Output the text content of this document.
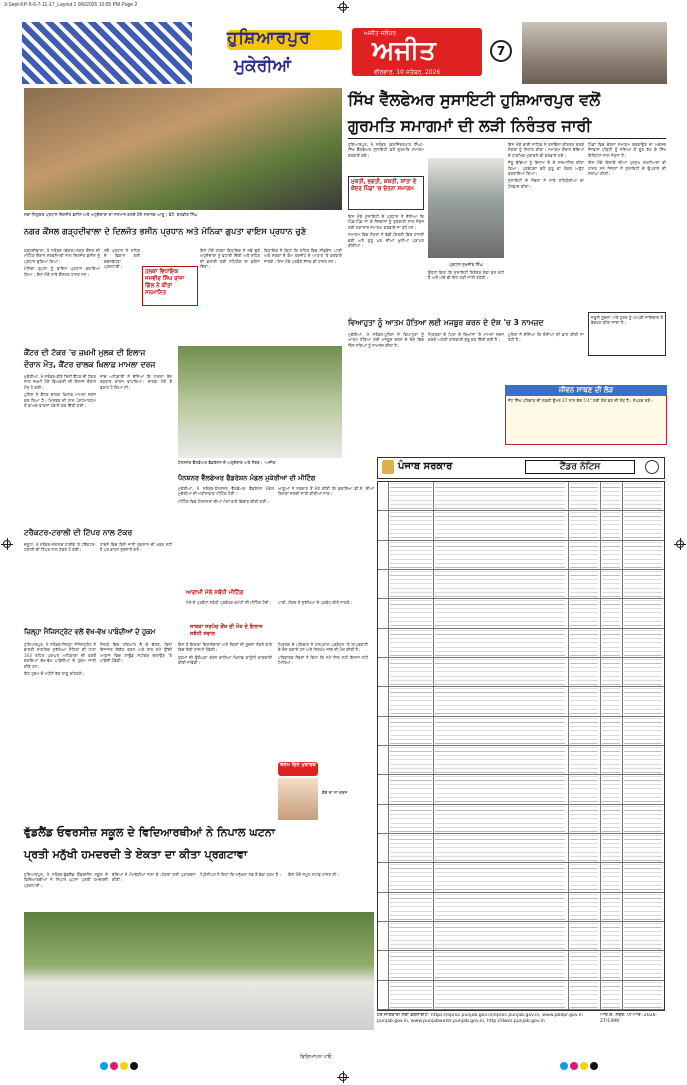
3-Sept-KP-5-6-7-11-17_Layout 1 9/6/2026 10:05 PM Page 2
ਹੁਸ਼ਿਆਰਪੁਰ
ਮੁਕੇਰੀਆਂ
ਅਜੀਤ ਜਲੰਧਰ
ਅਜੀਤ
ਵੀਰਵਾਰ, 10 ਸਤੰਬਰ, 2026
7
ਨਵਾਂ-ਨਿਯੁਕਤ ਪ੍ਰਧਾਨ ਦਿਲਜੋਤ ਭਸੀਨ ਅਤੇ ਅਹੁਦੇਦਾਰਾਂ ਦਾ ਸਨਮਾਨ ਕਰਦੇ ਹੋਏ ਸਥਾਨਕ ਆਗੂ। ਫੋਟੋ: ਬਲਵੀਰ ਸਿੰਘ
ਸਿੱਖ ਵੈੱਲਫੇਅਰ ਸੁਸਾਇਟੀ ਹੁਸ਼ਿਆਰਪੁਰ ਵਲੋਂ
ਗੁਰਮਤਿ ਸਮਾਗਮਾਂ ਦੀ ਲੜੀ ਨਿਰੰਤਰ ਜਾਰੀ

ਹੁਸ਼ਿਆਰਪੁਰ, 9 ਸਤੰਬਰ (ਬਲਜਿੰਦਰਪਾਲ ਸਿੰਘ)-ਸਿੱਖ ਵੈੱਲਫੇਅਰ ਸੁਸਾਇਟੀ ਵਲੋਂ ਗੁਰਮਤਿ ਸਮਾਗਮ ਕਰਵਾਏ ਗਏ।

ਮੁਕਤੀ, ਭਗਤੀ, ਸ਼ਕਤੀ, ਸ਼ਾਂਤਾ ਦੇ ਕੇਂਦਰ ਪਿੰਡਾਂ 'ਚ ਚੇਤਨਾ ਸਮਾਗਮ

ਇਸ ਮੌਕੇ ਸੁਸਾਇਟੀ ਦੇ ਪ੍ਰਧਾਨ ਨੇ ਦੱਸਿਆ ਕਿ ਪਿੰਡ-ਪਿੰਡ ਜਾ ਕੇ ਨੌਜਵਾਨਾਂ ਨੂੰ ਗੁਰਬਾਣੀ ਨਾਲ ਜੋੜਨ ਲਈ ਲਗਾਤਾਰ ਸਮਾਗਮ ਕਰਵਾਏ ਜਾ ਰਹੇ ਹਨ।

ਸਮਾਗਮ ਵਿਚ ਸੰਗਤਾਂ ਨੇ ਵੱਡੀ ਗਿਣਤੀ ਵਿਚ ਹਾਜ਼ਰੀ ਭਰੀ ਅਤੇ ਗੁਰੂ ਘਰ ਦੀਆਂ ਖੁਸ਼ੀਆਂ ਪ੍ਰਾਪਤ ਕੀਤੀਆਂ।

ਪ੍ਰਧਾਨ ਸੁਖਜੀਤ ਸਿੰਘ

ਉਨ੍ਹਾਂ ਕਿਹਾ ਕਿ ਸੁਸਾਇਟੀ ਨਿਰੰਤਰ ਸੇਵਾ ਕਰ ਰਹੀ ਹੈ ਅਤੇ ਅੱਗੇ ਵੀ ਇਹ ਲੜੀ ਜਾਰੀ ਰਹੇਗੀ।

ਇਸ ਮੌਕੇ ਭਾਈ ਸਾਹਿਬ ਨੇ ਰਸਭਿੰਨਾ ਕੀਰਤਨ ਕਰਕੇ ਸੰਗਤਾਂ ਨੂੰ ਨਿਹਾਲ ਕੀਤਾ। ਸਮਾਗਮ ਦੌਰਾਨ ਬੱਚਿਆਂ ਦੇ ਧਾਰਮਿਕ ਮੁਕਾਬਲੇ ਵੀ ਕਰਵਾਏ ਗਏ।

ਜੇਤੂ ਬੱਚਿਆਂ ਨੂੰ ਇਨਾਮ ਦੇ ਕੇ ਸਨਮਾਨਿਤ ਕੀਤਾ ਗਿਆ। ਪ੍ਰਬੰਧਕਾਂ ਵਲੋਂ ਗੁਰੂ ਕਾ ਲੰਗਰ ਅਤੁੱਟ ਵਰਤਾਇਆ ਗਿਆ।

ਸੁਸਾਇਟੀ ਦੇ ਮੈਂਬਰਾਂ ਨੇ ਸਾਰੇ ਸਹਿਯੋਗੀਆਂ ਦਾ ਧੰਨਵਾਦ ਕੀਤਾ।

ਪਿੰਡਾਂ ਵਿਚ ਚੇਤਨਾ ਸਮਾਗਮ ਕਰਵਾਉਣ ਦਾ ਮਕਸਦ ਨੌਜਵਾਨ ਪੀੜ੍ਹੀ ਨੂੰ ਨਸ਼ਿਆਂ ਤੋਂ ਦੂਰ ਰੱਖ ਕੇ ਸਿੱਖ ਇਤਿਹਾਸ ਨਾਲ ਜੋੜਨਾ ਹੈ।

ਇਸ ਮੌਕੇ ਇਲਾਕੇ ਦੀਆਂ ਪ੍ਰਮੁੱਖ ਸ਼ਖ਼ਸੀਅਤਾਂ ਵੀ ਹਾਜ਼ਰ ਸਨ ਜਿਨ੍ਹਾਂ ਨੇ ਸੁਸਾਇਟੀ ਦੇ ਉਪਰਾਲੇ ਦੀ ਸ਼ਲਾਘਾ ਕੀਤੀ।

ਜ਼ਰੂਰੀ ਸੂਚਨਾ: ਮੇਰੇ ਪੁੱਤਰ ਨੂੰ ਆਪਣੀ ਜਾਇਦਾਦ ਤੋਂ ਬੇਦਖ਼ਲ ਕੀਤਾ ਜਾਂਦਾ ਹੈ।
ਨਗਰ ਕੌਂਸਲ ਗੜ੍ਹਦੀਵਾਲਾ ਦੇ ਦਿਲਜੋਤ ਭਸੀਨ ਪ੍ਰਧਾਨ ਅਤੇ ਮੋਨਿਕਾ ਗੁਪਤਾ ਵਾਇਸ ਪ੍ਰਧਾਨ ਚੁਣੇ

ਗੜ੍ਹਦੀਵਾਲਾ, 9 ਸਤੰਬਰ (ਚੱਗਰ)-ਨਗਰ ਕੌਂਸਲ ਦੀ ਮੀਟਿੰਗ ਦੌਰਾਨ ਸਰਬਸੰਮਤੀ ਨਾਲ ਦਿਲਜੋਤ ਭਸੀਨ ਨੂੰ ਪ੍ਰਧਾਨ ਚੁਣਿਆ ਗਿਆ।

ਮੋਨਿਕਾ ਗੁਪਤਾ ਨੂੰ ਵਾਇਸ ਪ੍ਰਧਾਨ ਬਣਾਇਆ ਗਿਆ। ਇਸ ਮੌਕੇ ਸਾਰੇ ਕੌਂਸਲਰ ਹਾਜ਼ਰ ਸਨ।

ਨਵੇਂ ਪ੍ਰਧਾਨ ਨੇ ਸ਼ਹਿਰ ਦੇ ਵਿਕਾਸ ਲਈ ਵਚਨਬੱਧਤਾ ਪ੍ਰਗਟਾਈ।

ਹਲਕਾ ਵਿਧਾਇਕ ਜਸਵੀਰ ਸਿੰਘ ਰਾਜਾ ਗਿੱਲ ਨੇ ਕੀਤਾ ਸਨਮਾਨਿਤ

ਇਸ ਮੌਕੇ ਹਲਕਾ ਵਿਧਾਇਕ ਨੇ ਨਵੇਂ ਚੁਣੇ ਅਹੁਦੇਦਾਰਾਂ ਨੂੰ ਵਧਾਈ ਦਿੱਤੀ ਅਤੇ ਸ਼ਹਿਰ ਦੀ ਭਲਾਈ ਲਈ ਸਹਿਯੋਗ ਦਾ ਭਰੋਸਾ ਦਿੱਤਾ।

ਵਿਧਾਇਕ ਨੇ ਕਿਹਾ ਕਿ ਸ਼ਹਿਰ ਵਿਚ ਸੀਵਰੇਜ, ਪਾਣੀ ਅਤੇ ਸੜਕਾਂ ਦੇ ਕੰਮ ਤਰਜੀਹ ਦੇ ਆਧਾਰ 'ਤੇ ਕਰਵਾਏ ਜਾਣਗੇ। ਇਸ ਮੌਕੇ ਪਤਵੰਤੇ ਸੱਜਣ ਵੀ ਹਾਜ਼ਰ ਸਨ।

ਵਿਆਹੁਤਾ ਨੂੰ ਆਤਮ ਹੱਤਿਆ ਲਈ ਮਜਬੂਰ ਕਰਨ ਦੇ ਦੋਸ਼ 'ਚ 3 ਨਾਮਜ਼ਦ

ਮੁਕੇਰੀਆਂ, 9 ਸਤੰਬਰ-ਪੁਲਿਸ ਨੇ ਵਿਆਹੁਤਾ ਨੂੰ ਆਤਮ ਹੱਤਿਆ ਲਈ ਮਜਬੂਰ ਕਰਨ ਦੇ ਦੋਸ਼ ਵਿਚ ਤਿੰਨ ਜਣਿਆਂ ਨੂੰ ਨਾਮਜ਼ਦ ਕੀਤਾ ਹੈ।

ਮ੍ਰਿਤਕਾ ਦੇ ਪਿਤਾ ਦੇ ਬਿਆਨਾਂ 'ਤੇ ਮਾਮਲਾ ਦਰਜ ਕਰਕੇ ਅਗਲੀ ਕਾਰਵਾਈ ਸ਼ੁਰੂ ਕਰ ਦਿੱਤੀ ਗਈ ਹੈ।

ਪੁਲਿਸ ਨੇ ਦੱਸਿਆ ਕਿ ਦੋਸ਼ੀਆਂ ਦੀ ਭਾਲ ਕੀਤੀ ਜਾ ਰਹੀ ਹੈ।

ਜੀਵਨ ਸਾਥਣ ਦੀ ਲੋੜ

ਜੱਟ ਸਿੱਖ ਪਰਿਵਾਰ ਦੀ ਲੜਕੀ ਉਮਰ 27 ਸਾਲ ਕੱਦ 5'4" ਲਈ ਯੋਗ ਵਰ ਦੀ ਲੋੜ ਹੈ। ਸੰਪਰਕ ਕਰੋ।

ਕੈਂਟਰ ਦੀ ਟੱਕਰ 'ਚ ਜ਼ਖ਼ਮੀ ਮੁਲਕ ਦੀ ਇਲਾਜ
ਦੌਰਾਨ ਮੌਤ, ਕੈਂਟਰ ਚਾਲਕ ਖ਼ਿਲਾਫ਼ ਮਾਮਲਾ ਦਰਜ

ਮੁਕੇਰੀਆਂ, 9 ਸਤੰਬਰ-ਬੀਤੇ ਦਿਨੀਂ ਕੈਂਟਰ ਦੀ ਟੱਕਰ ਨਾਲ ਜ਼ਖ਼ਮੀ ਹੋਏ ਵਿਅਕਤੀ ਦੀ ਇਲਾਜ ਦੌਰਾਨ ਮੌਤ ਹੋ ਗਈ।

ਪੁਲਿਸ ਨੇ ਕੈਂਟਰ ਚਾਲਕ ਖ਼ਿਲਾਫ਼ ਮਾਮਲਾ ਦਰਜ ਕਰ ਲਿਆ ਹੈ। ਮ੍ਰਿਤਕ ਦੀ ਲਾਸ਼ ਪੋਸਟਮਾਰਟਮ ਤੋਂ ਬਾਅਦ ਵਾਰਸਾਂ ਹਵਾਲੇ ਕਰ ਦਿੱਤੀ ਗਈ।

ਜਾਂਚ ਅਧਿਕਾਰੀ ਨੇ ਦੱਸਿਆ ਕਿ ਹਾਦਸਾ ਤੇਜ਼ ਰਫ਼ਤਾਰ ਕਾਰਨ ਵਾਪਰਿਆ। ਚਾਲਕ ਮੌਕੇ ਤੋਂ ਫ਼ਰਾਰ ਹੋ ਗਿਆ ਸੀ।

ਪੈਨਸ਼ਨਰ ਵੈੱਲਫੇਅਰ ਫੈਡਰੇਸ਼ਨ ਦੇ ਅਹੁਦੇਦਾਰ ਅਤੇ ਮੈਂਬਰ। -ਅਜੀਤ
ਪੈਨਸ਼ਨਰ ਵੈੱਲਫੇਅਰ ਫੈਡਰੇਸ਼ਨ ਮੰਡਲ ਮੁਕੇਰੀਆਂ ਦੀ ਮੀਟਿੰਗ

ਮੁਕੇਰੀਆਂ, 9 ਸਤੰਬਰ-ਪੈਨਸ਼ਨਰ ਵੈੱਲਫੇਅਰ ਫੈਡਰੇਸ਼ਨ ਮੰਡਲ ਮੁਕੇਰੀਆਂ ਦੀ ਮਹੀਨਾਵਾਰ ਮੀਟਿੰਗ ਹੋਈ।

ਮੀਟਿੰਗ ਵਿਚ ਪੈਨਸ਼ਨਰਾਂ ਦੀਆਂ ਮੰਗਾਂ ਬਾਰੇ ਵਿਚਾਰ ਕੀਤੀ ਗਈ।

ਆਗੂਆਂ ਨੇ ਸਰਕਾਰ ਤੋਂ ਮੰਗ ਕੀਤੀ ਕਿ ਬਕਾਇਆ ਡੀ.ਏ. ਦੀਆਂ ਕਿਸ਼ਤਾਂ ਜਲਦੀ ਜਾਰੀ ਕੀਤੀਆਂ ਜਾਣ।

ਟਰੈਕਟਰ-ਟਰਾਲੀ ਦੀ ਟਿੱਪਰ ਨਾਲ ਟੱਕਰ

ਦਸੂਹਾ, 9 ਸਤੰਬਰ-ਸਥਾਨਕ ਹਾਈਵੇ 'ਤੇ ਟਰੈਕਟਰ-ਟਰਾਲੀ ਦੀ ਟਿੱਪਰ ਨਾਲ ਟੱਕਰ ਹੋ ਗਈ।

ਹਾਦਸੇ ਵਿਚ ਕਿਸੇ ਜਾਨੀ ਨੁਕਸਾਨ ਦੀ ਖ਼ਬਰ ਨਹੀਂ ਹੈ ਪਰ ਵਾਹਨ ਨੁਕਸਾਨੇ ਗਏ।

ਆਗਾਮੀ ਮੇਲੇ ਸਬੰਧੀ ਮੀਟਿੰਗ

ਮੇਲੇ ਦੇ ਪ੍ਰਬੰਧਾਂ ਸਬੰਧੀ ਪ੍ਰਬੰਧਕ ਕਮੇਟੀ ਦੀ ਮੀਟਿੰਗ ਹੋਈ। ਪਾਣੀ, ਲੰਗਰ ਤੇ ਸੁਰੱਖਿਆ ਦੇ ਪ੍ਰਬੰਧ ਕੀਤੇ ਜਾਣਗੇ।

ਜ਼ਿਲ੍ਹਾ ਮੈਜਿਸਟ੍ਰੇਟ ਵਲੋਂ ਵੱਖ-ਵੱਖ ਪਾਬੰਦੀਆਂ ਦੇ ਹੁਕਮ

ਹੁਸ਼ਿਆਰਪੁਰ, 9 ਸਤੰਬਰ-ਜ਼ਿਲ੍ਹਾ ਮੈਜਿਸਟ੍ਰੇਟ ਨੇ ਭਾਰਤੀ ਨਾਗਰਿਕ ਸੁਰੱਖਿਆ ਸੰਹਿਤਾ ਦੀ ਧਾਰਾ 163 ਤਹਿਤ ਪ੍ਰਾਪਤ ਅਧਿਕਾਰਾਂ ਦੀ ਵਰਤੋਂ ਕਰਦਿਆਂ ਵੱਖ-ਵੱਖ ਪਾਬੰਦੀਆਂ ਦੇ ਹੁਕਮ ਜਾਰੀ ਕੀਤੇ ਹਨ।

ਇਹ ਹੁਕਮ ਦੋ ਮਹੀਨੇ ਤੱਕ ਲਾਗੂ ਰਹਿਣਗੇ।

ਜ਼ਿਲ੍ਹੇ ਵਿਚ ਹਥਿਆਰ ਲੈ ਕੇ ਚੱਲਣ, ਬਿਨਾਂ ਇਜਾਜ਼ਤ ਇਕੱਠ ਕਰਨ ਅਤੇ ਰਾਤ ਸਮੇਂ ਉੱਚੀ ਆਵਾਜ਼ ਵਿਚ ਲਾਊਡ ਸਪੀਕਰ ਚਲਾਉਣ 'ਤੇ ਪਾਬੰਦੀ ਹੋਵੇਗੀ।

ਇਸ ਤੋਂ ਇਲਾਵਾ ਕਿਰਾਏਦਾਰਾਂ ਅਤੇ ਨੌਕਰਾਂ ਦੀ ਸੂਚਨਾ ਨੇੜਲੇ ਥਾਣੇ ਵਿਚ ਦੇਣੀ ਲਾਜ਼ਮੀ ਹੋਵੇਗੀ।

ਹੁਕਮਾਂ ਦੀ ਉਲੰਘਣਾ ਕਰਨ ਵਾਲਿਆਂ ਖ਼ਿਲਾਫ਼ ਕਾਨੂੰਨੀ ਕਾਰਵਾਈ ਕੀਤੀ ਜਾਵੇਗੀ।

ਸਾਬਕਾ ਸਰਪੰਚ ਕੌਂਸ ਦੀ ਮੌਤ ਦੇ ਇਲਾਜ ਸਬੰਧੀ ਸਵਾਲ

ਮ੍ਰਿਤਕ ਦੇ ਪਰਿਵਾਰ ਨੇ ਹਸਪਤਾਲ ਪ੍ਰਬੰਧਨ 'ਤੇ ਲਾਪਰਵਾਹੀ ਦੇ ਦੋਸ਼ ਲਗਾਏ ਹਨ ਅਤੇ ਨਿਰਪੱਖ ਜਾਂਚ ਦੀ ਮੰਗ ਕੀਤੀ ਹੈ।

ਪਰਿਵਾਰਕ ਮੈਂਬਰਾਂ ਨੇ ਕਿਹਾ ਕਿ ਸਮੇਂ ਸਿਰ ਸਹੀ ਇਲਾਜ ਨਹੀਂ ਮਿਲਿਆ।

ਜਨਮ ਦਿਨ ਮੁਬਾਰਕ
ਬੱਚੇ ਦਾ ਨਾਂ ਦਰਜ
ਵੁੱਡਲੈਂਡ ਓਵਰਸੀਜ਼ ਸਕੂਲ ਦੇ ਵਿਦਿਆਰਥੀਆਂ ਨੇ ਨਿਪਾਲ ਘਟਨਾ
ਪ੍ਰਤੀ ਮਨੁੱਖੀ ਹਮਦਰਦੀ ਤੇ ਏਕਤਾ ਦਾ ਕੀਤਾ ਪ੍ਰਗਟਾਵਾ

ਹੁਸ਼ਿਆਰਪੁਰ, 9 ਸਤੰਬਰ-ਵੁੱਡਲੈਂਡ ਓਵਰਸੀਜ਼ ਸਕੂਲ ਦੇ ਵਿਦਿਆਰਥੀਆਂ ਨੇ ਨਿਪਾਲ ਘਟਨਾ ਪ੍ਰਤੀ ਹਮਦਰਦੀ ਪ੍ਰਗਟਾਈ।

ਬੱਚਿਆਂ ਨੇ ਮੋਮਬੱਤੀਆਂ ਜਗਾ ਕੇ ਪੀੜਤਾਂ ਲਈ ਪ੍ਰਾਰਥਨਾ ਕੀਤੀ।

ਪ੍ਰਿੰਸੀਪਲ ਨੇ ਕਿਹਾ ਕਿ ਮਨੁੱਖਤਾ ਸਭ ਤੋਂ ਵੱਡਾ ਧਰਮ ਹੈ।	ਇਸ ਮੌਕੇ ਸਮੂਹ ਸਟਾਫ਼ ਹਾਜ਼ਰ ਸੀ।

ਪੰਜਾਬ ਸਰਕਾਰ	ਟੈਂਡਰ ਨੋਟਿਸ
ਹੋਰ ਜਾਣਕਾਰੀ ਲਈ ਵੈੱਬਸਾਈਟ: https://eproc.punjab.gov.in/eproc.punjab.gov.in, www.pbdpr.gov.in
punjab.gov.in, www.punjabwater.punjab.gov.in, http://dwss.punjab.gov.in
ਆਰ.ਓ. ਨੰਬਰ: ਪੀ.ਆਰ.-2026-27/1499
ਵਿਗਿਆਪਨ ਪਾਓ
